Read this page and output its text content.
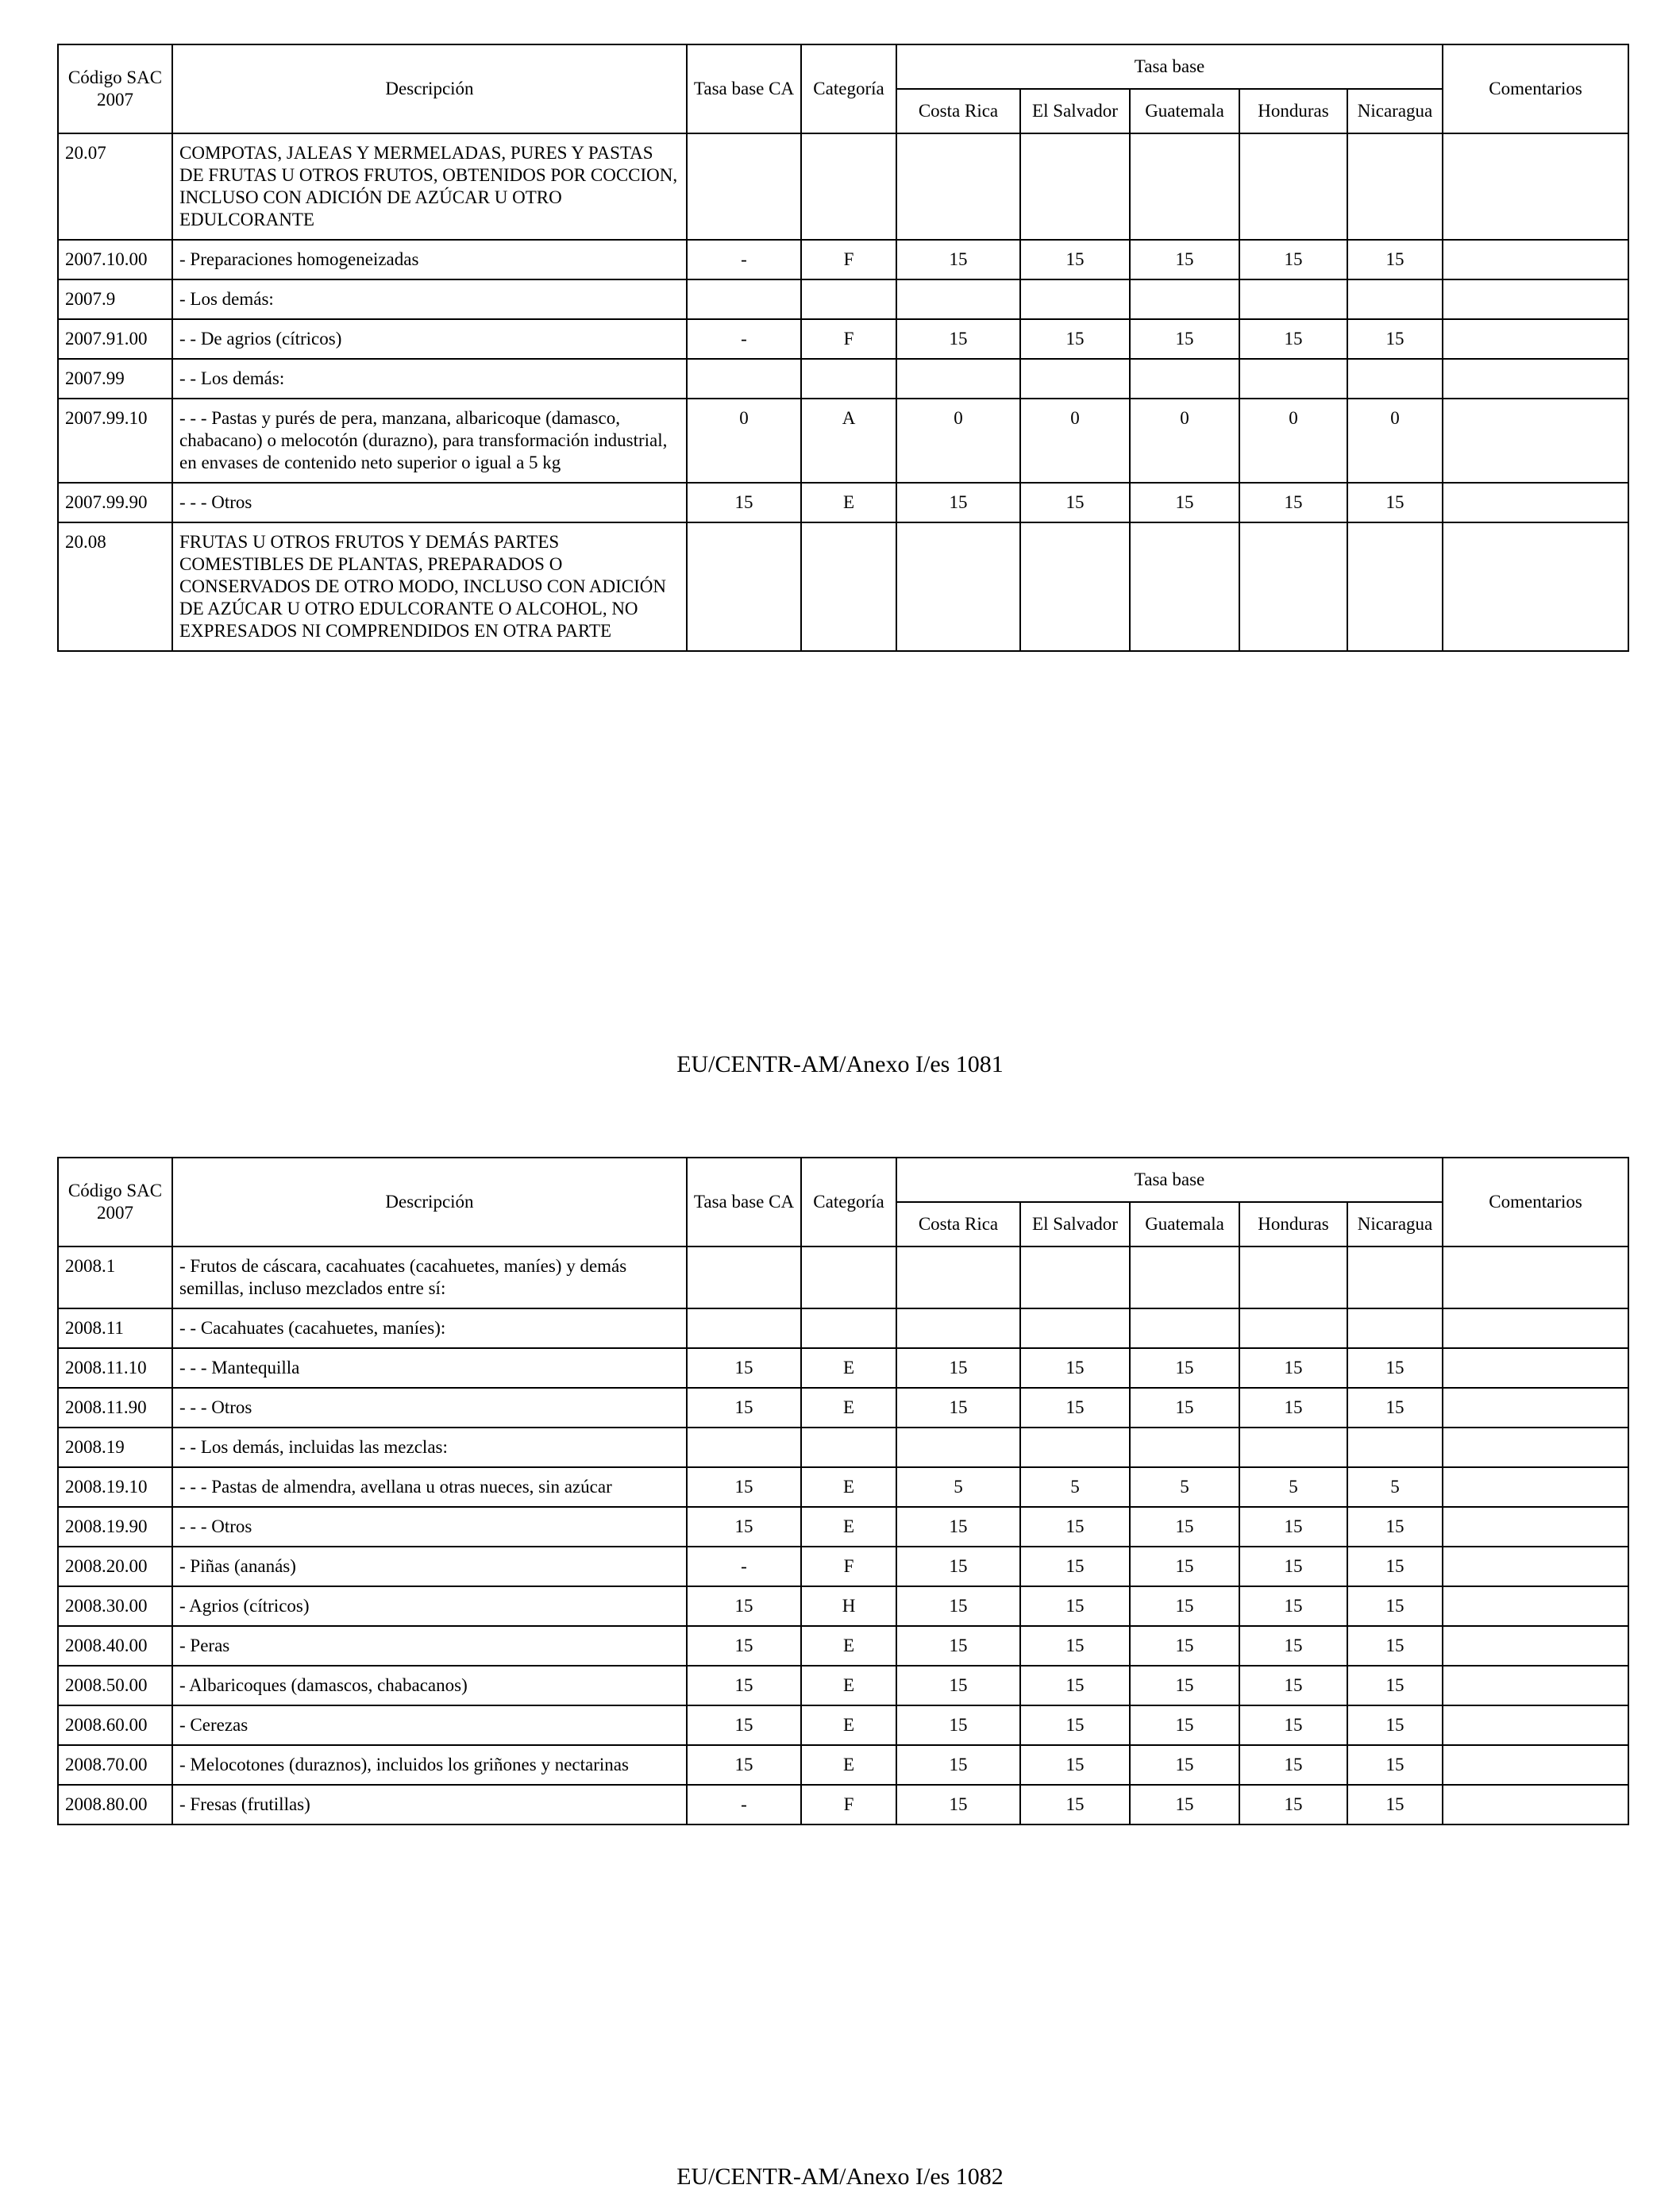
Código SAC 2007	Descripción	Tasa base CA	Categoría	Tasa base					Comentarios
				Costa Rica	El Salvador	Guatemala	Honduras	Nicaragua	
20.07	COMPOTAS, JALEAS Y MERMELADAS, PURES Y PASTAS DE FRUTAS U OTROS FRUTOS, OBTENIDOS POR COCCION, INCLUSO CON ADICIÓN DE AZÚCAR U OTRO EDULCORANTE								
2007.10.00	- Preparaciones homogeneizadas	-	F	15	15	15	15	15	
2007.9	- Los demás:								
2007.91.00	- - De agrios (cítricos)	-	F	15	15	15	15	15	
2007.99	- - Los demás:								
2007.99.10	- - - Pastas y purés de pera, manzana, albaricoque (damasco, chabacano) o melocotón (durazno), para transformación industrial, en envases de contenido neto superior o igual a 5 kg	0	A	0	0	0	0	0	
2007.99.90	- - - Otros	15	E	15	15	15	15	15	
20.08	FRUTAS U OTROS FRUTOS Y DEMÁS PARTES COMESTIBLES DE PLANTAS, PREPARADOS O CONSERVADOS DE OTRO MODO, INCLUSO CON ADICIÓN DE AZÚCAR U OTRO EDULCORANTE O ALCOHOL, NO EXPRESADOS NI COMPRENDIDOS EN OTRA PARTE								
EU/CENTR-AM/Anexo I/es 1081
Código SAC 2007	Descripción	Tasa base CA	Categoría	Tasa base					Comentarios
				Costa Rica	El Salvador	Guatemala	Honduras	Nicaragua	
2008.1	- Frutos de cáscara, cacahuates (cacahuetes, maníes) y demás semillas, incluso mezclados entre sí:								
2008.11	- - Cacahuates (cacahuetes, maníes):								
2008.11.10	- - - Mantequilla	15	E	15	15	15	15	15	
2008.11.90	- - - Otros	15	E	15	15	15	15	15	
2008.19	- - Los demás, incluidas las mezclas:								
2008.19.10	- - - Pastas de almendra, avellana u otras nueces, sin azúcar	15	E	5	5	5	5	5	
2008.19.90	- - - Otros	15	E	15	15	15	15	15	
2008.20.00	- Piñas (ananás)	-	F	15	15	15	15	15	
2008.30.00	- Agrios (cítricos)	15	H	15	15	15	15	15	
2008.40.00	- Peras	15	E	15	15	15	15	15	
2008.50.00	- Albaricoques (damascos, chabacanos)	15	E	15	15	15	15	15	
2008.60.00	- Cerezas	15	E	15	15	15	15	15	
2008.70.00	- Melocotones (duraznos), incluidos los griñones y nectarinas	15	E	15	15	15	15	15	
2008.80.00	- Fresas (frutillas)	-	F	15	15	15	15	15	
EU/CENTR-AM/Anexo I/es 1082
